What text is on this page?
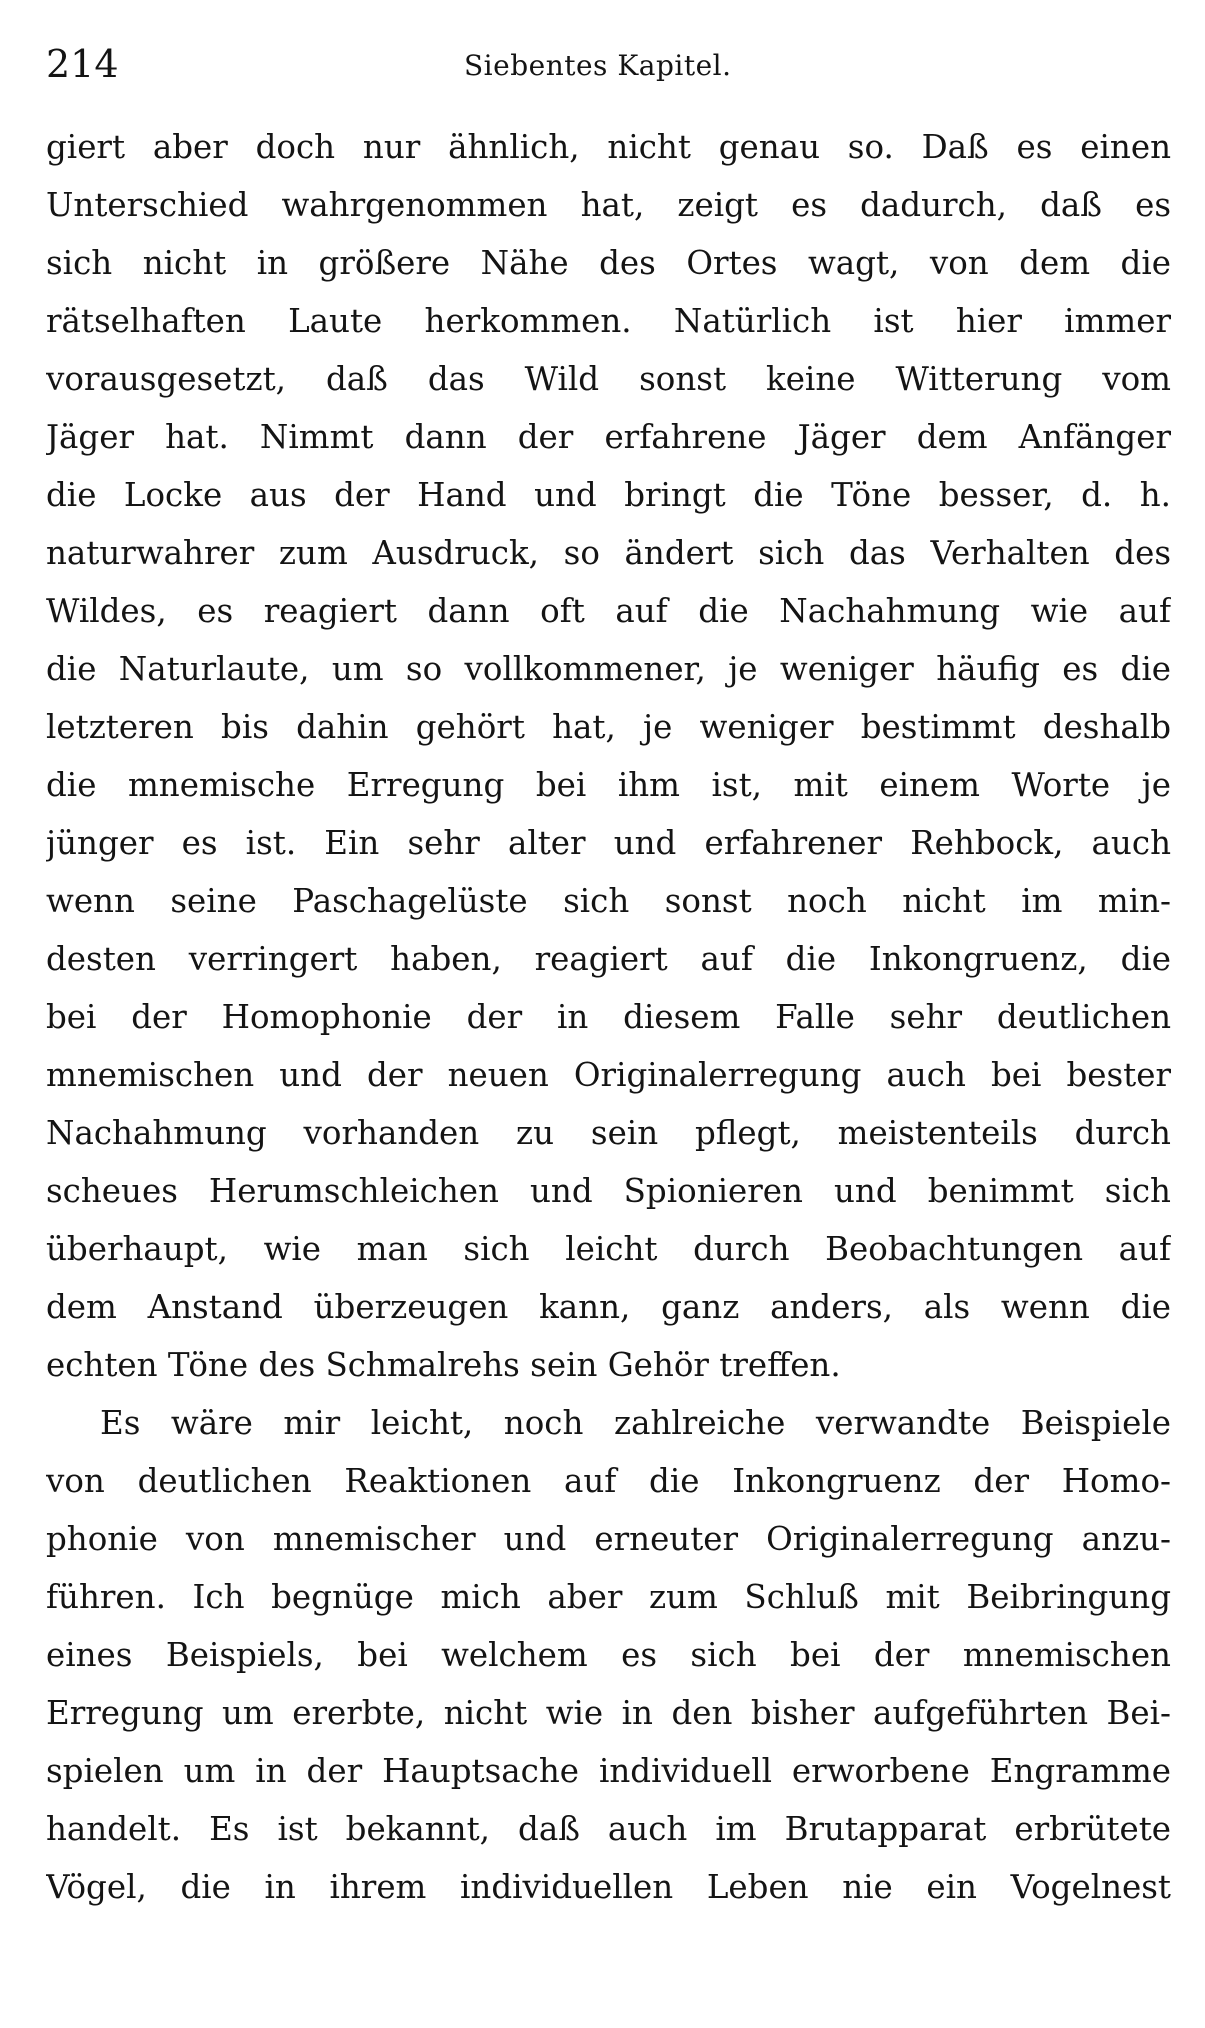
214	Siebentes Kapitel.
giert aber doch nur ähnlich, nicht genau so. Daß es einen
Unterschied wahrgenommen hat, zeigt es dadurch, daß es
sich nicht in größere Nähe des Ortes wagt, von dem die
rätselhaften Laute herkommen. Natürlich ist hier immer
vorausgesetzt, daß das Wild sonst keine Witterung vom
Jäger hat. Nimmt dann der erfahrene Jäger dem Anfänger
die Locke aus der Hand und bringt die Töne besser, d. h.
naturwahrer zum Ausdruck, so ändert sich das Verhalten des
Wildes, es reagiert dann oft auf die Nachahmung wie auf
die Naturlaute, um so vollkommener, je weniger häufig es die
letzteren bis dahin gehört hat, je weniger bestimmt deshalb
die mnemische Erregung bei ihm ist, mit einem Worte je
jünger es ist. Ein sehr alter und erfahrener Rehbock, auch
wenn seine Paschagelüste sich sonst noch nicht im min-
desten verringert haben, reagiert auf die Inkongruenz, die
bei der Homophonie der in diesem Falle sehr deutlichen
mnemischen und der neuen Originalerregung auch bei bester
Nachahmung vorhanden zu sein pflegt, meistenteils durch
scheues Herumschleichen und Spionieren und benimmt sich
überhaupt, wie man sich leicht durch Beobachtungen auf
dem Anstand überzeugen kann, ganz anders, als wenn die
echten Töne des Schmalrehs sein Gehör treffen.
Es wäre mir leicht, noch zahlreiche verwandte Beispiele
von deutlichen Reaktionen auf die Inkongruenz der Homo-
phonie von mnemischer und erneuter Originalerregung anzu-
führen. Ich begnüge mich aber zum Schluß mit Beibringung
eines Beispiels, bei welchem es sich bei der mnemischen
Erregung um ererbte, nicht wie in den bisher aufgeführten Bei-
spielen um in der Hauptsache individuell erworbene Engramme
handelt. Es ist bekannt, daß auch im Brutapparat erbrütete
Vögel, die in ihrem individuellen Leben nie ein Vogelnest
